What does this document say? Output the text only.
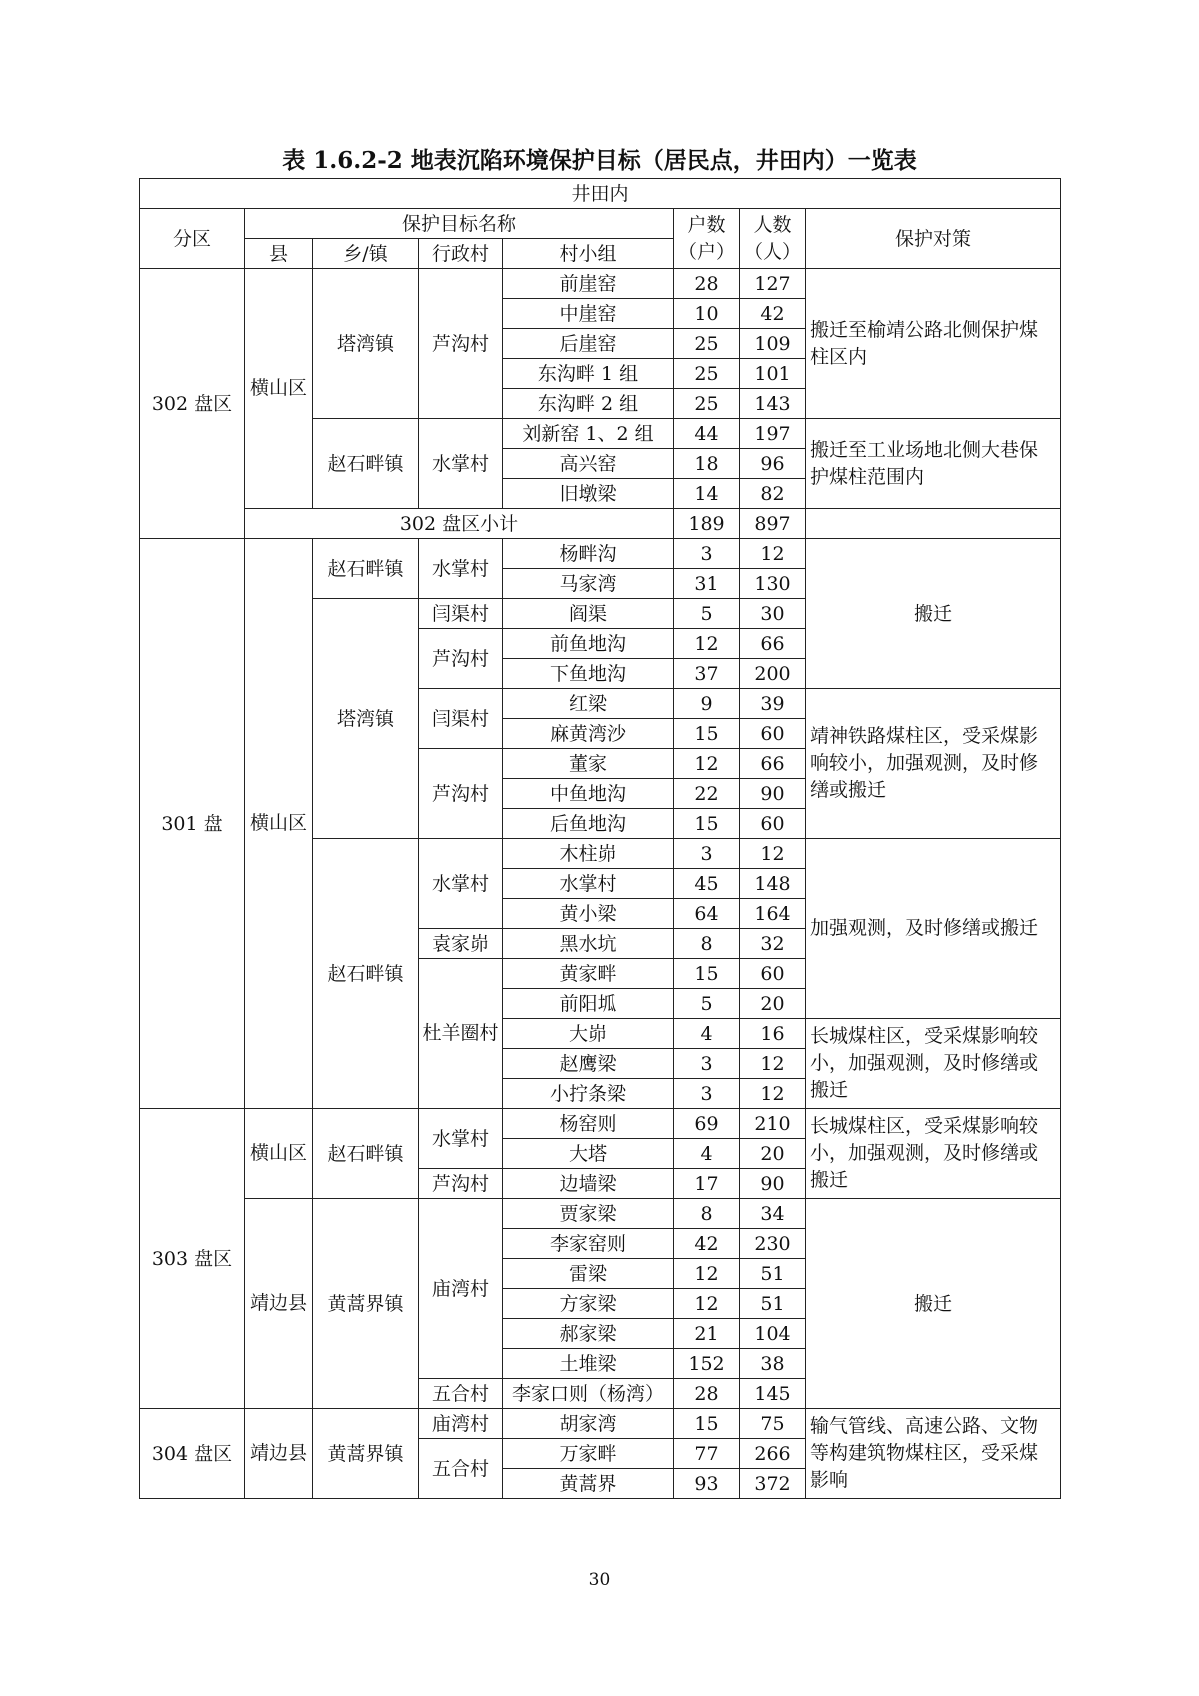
表 1.6.2-2 地表沉陷环境保护目标（居民点，井田内）一览表
井田内							
分区	保护目标名称				户数（户）	人数（人）	保护对策
	县	乡/镇	行政村	村小组			
302 盘区	横山区	塔湾镇	芦沟村	前崖窑	28	127	搬迁至榆靖公路北侧保护煤柱区内
				中崖窑	10	42	
				后崖窑	25	109	
				东沟畔 1 组	25	101	
				东沟畔 2 组	25	143	
		赵石畔镇	水掌村	刘新窑 1、2 组	44	197	搬迁至工业场地北侧大巷保护煤柱范围内
				高兴窑	18	96	
				旧墩梁	14	82	
	302 盘区小计				189	897	
301 盘	横山区	赵石畔镇	水掌村	杨畔沟	3	12	搬迁
				马家湾	31	130	
		塔湾镇	闫渠村	阎渠	5	30	
			芦沟村	前鱼地沟	12	66	
				下鱼地沟	37	200	
			闫渠村	红梁	9	39	靖神铁路煤柱区，受采煤影响较小，加强观测，及时修缮或搬迁
				麻黄湾沙	15	60	
			芦沟村	董家	12	66	
				中鱼地沟	22	90	
				后鱼地沟	15	60	
		赵石畔镇	水掌村	木柱峁	3	12	加强观测，及时修缮或搬迁
				水掌村	45	148	
				黄小梁	64	164	
			袁家峁	黑水坑	8	32	
			杜羊圈村	黄家畔	15	60	
				前阳坬	5	20	
				大峁	4	16	长城煤柱区，受采煤影响较小，加强观测，及时修缮或搬迁
				赵鹰梁	3	12	
				小拧条梁	3	12	
303 盘区	横山区	赵石畔镇	水掌村	杨窑则	69	210	长城煤柱区，受采煤影响较小，加强观测，及时修缮或搬迁
				大塔	4	20	
			芦沟村	边墙梁	17	90	
	靖边县	黄蒿界镇	庙湾村	贾家梁	8	34	搬迁
				李家窑则	42	230	
				雷梁	12	51	
				方家梁	12	51	
				郝家梁	21	104	
				土堆梁	152	38	
			五合村	李家口则（杨湾）	28	145	
304 盘区	靖边县	黄蒿界镇	庙湾村	胡家湾	15	75	输气管线、高速公路、文物等构建筑物煤柱区，受采煤影响
			五合村	万家畔	77	266	
				黄蒿界	93	372	

30
